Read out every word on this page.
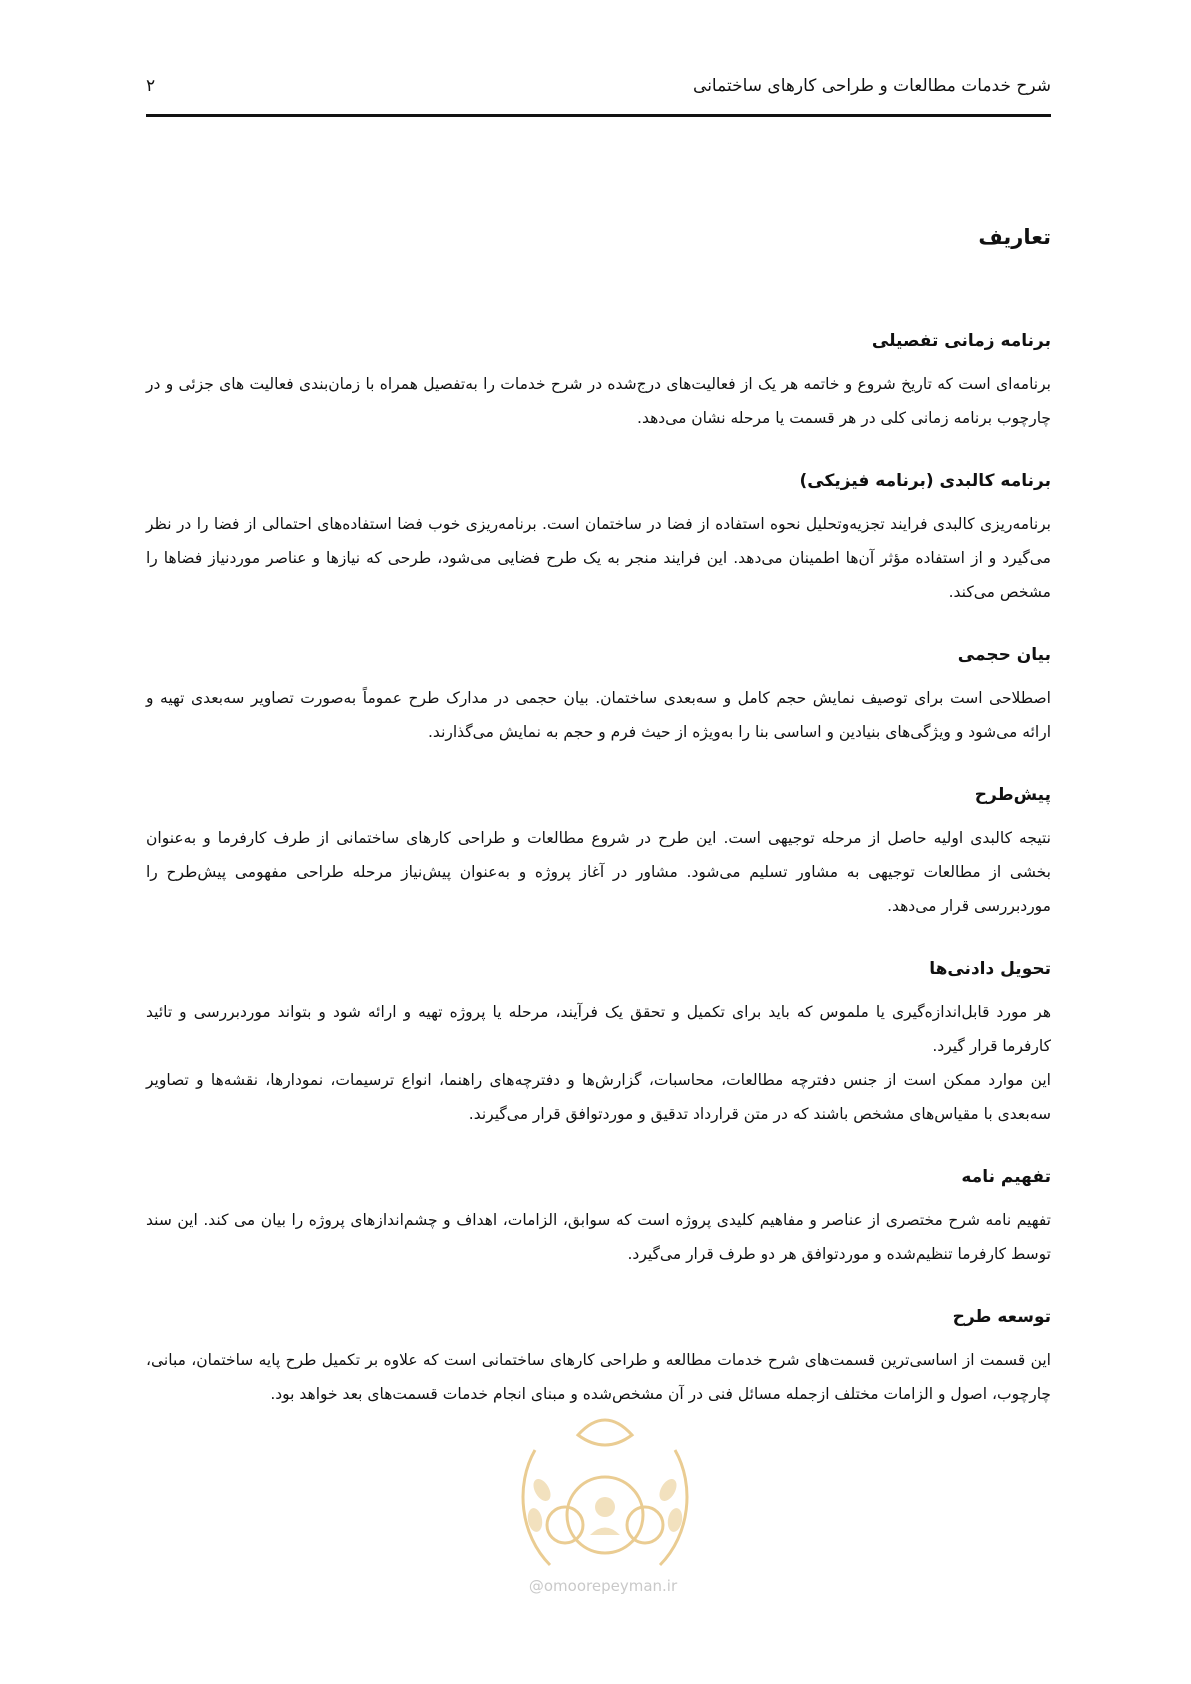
شرح خدمات مطالعات و طراحی کارهای ساختمانی
۲
تعاریف
برنامه زمانی تفصیلی

برنامه‌ای است که تاریخ شروع و خاتمه هر یک از فعالیت‌های درج‌شده در شرح خدمات را به‌تفصیل همراه با زمان‌بندی فعالیت های جزئی و در چارچوب برنامه زمانی کلی در هر قسمت یا مرحله نشان می‌دهد.

برنامه کالبدی (برنامه فیزیکی)

برنامه‌ریزی کالبدی فرایند تجزیه‌وتحلیل نحوه استفاده از فضا در ساختمان است. برنامه‌ریزی خوب فضا استفاده‌های احتمالی از فضا را در نظر می‌گیرد و از استفاده مؤثر آن‌ها اطمینان می‌دهد. این فرایند منجر به یک طرح فضایی می‌شود، طرحی که نیازها و عناصر موردنیاز فضاها را مشخص می‌کند.

بیان حجمی

اصطلاحی است برای توصیف نمایش حجم کامل و سه‌بعدی ساختمان. بیان حجمی در مدارک طرح عموماً به‌صورت تصاویر سه‌بعدی تهیه و ارائه می‌شود و ویژگی‌های بنیادین و اساسی بنا را به‌ویژه از حیث فرم و حجم به نمایش می‌گذارند.

پیش‌طرح

نتیجه کالبدی اولیه حاصل از مرحله توجیهی است. این طرح در شروع مطالعات و طراحی کارهای ساختمانی از طرف کارفرما و به‌عنوان بخشی از مطالعات توجیهی به مشاور تسلیم می‌شود. مشاور در آغاز پروژه و به‌عنوان پیش‌نیاز مرحله طراحی مفهومی پیش‌طرح را موردبررسی قرار می‌دهد.

تحویل دادنی‌ها

هر مورد قابل‌اندازه‌گیری یا ملموس که باید برای تکمیل و تحقق یک فرآیند، مرحله یا پروژه تهیه و ارائه شود و بتواند موردبررسی و تائید کارفرما قرار گیرد.

این موارد ممکن است از جنس دفترچه مطالعات، محاسبات، گزارش‌ها و دفترچه‌های راهنما، انواع ترسیمات، نمودارها، نقشه‌ها و تصاویر سه‌بعدی با مقیاس‌های مشخص باشند که در متن قرارداد تدقیق و موردتوافق قرار می‌گیرند.

تفهیم نامه

تفهیم نامه شرح مختصری از عناصر و مفاهیم کلیدی پروژه است که سوابق، الزامات، اهداف و چشم‌اندازهای پروژه را بیان می کند. این سند توسط کارفرما تنظیم‌شده و موردتوافق هر دو طرف قرار می‌گیرد.

توسعه طرح

این قسمت از اساسی‌ترین قسمت‌های شرح خدمات مطالعه و طراحی کارهای ساختمانی است که علاوه بر تکمیل طرح پایه ساختمان، مبانی، چارچوب، اصول و الزامات مختلف ازجمله مسائل فنی در آن مشخص‌شده و مبنای انجام خدمات قسمت‌های بعد خواهد بود.

@omoorepeyman.ir
